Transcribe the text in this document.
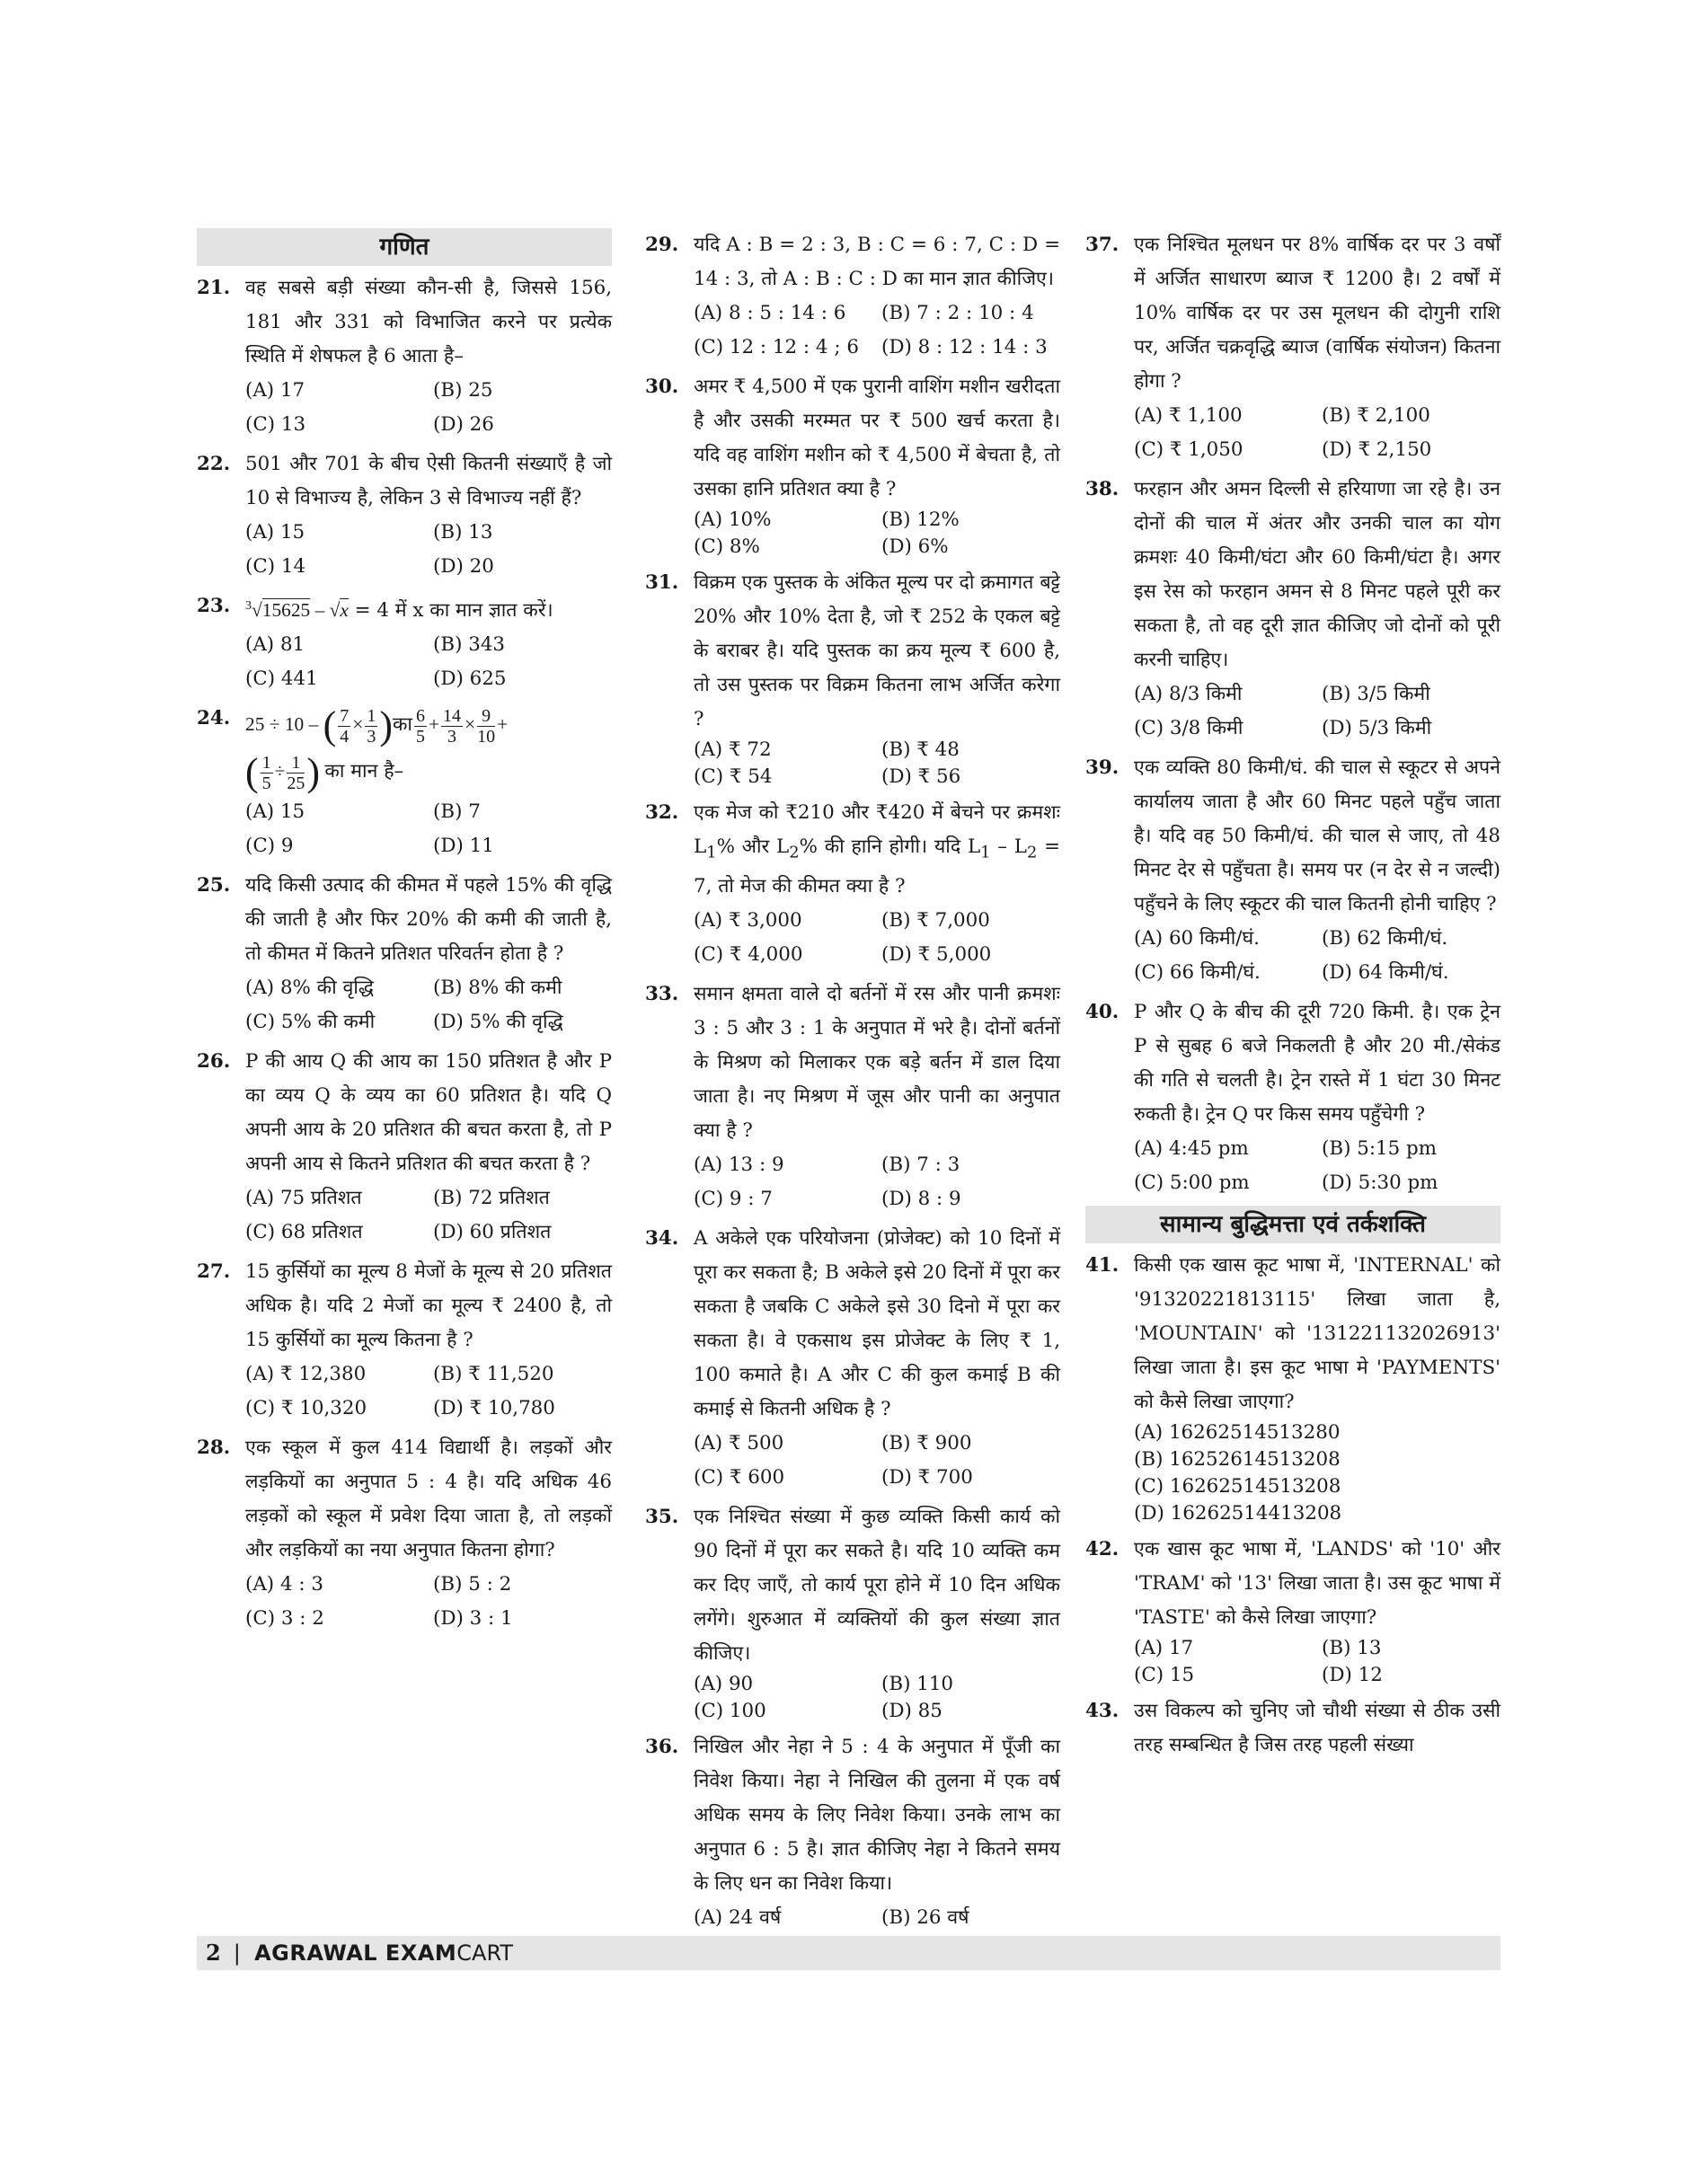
गणित
21. वह सबसे बड़ी संख्या कौन-सी है, जिससे 156, 181 और 331 को विभाजित करने पर प्रत्येक स्थिति में शेषफल है 6 आता है–
(A) 17	(B) 25
(C) 13	(D) 26
22. 501 और 701 के बीच ऐसी कितनी संख्याएँ है जो 10 से विभाज्य है, लेकिन 3 से विभाज्य नहीं हैं?
(A) 15	(B) 13
(C) 14	(D) 20
23. $^3$√15625 – √x = 4 में x का मान ज्ञात करें।
(A) 81	(B) 343
(C) 441	(D) 625
24. 25 ÷ 10 – ( $\frac{7}{4} \times \frac{1}{3}$ )का $\frac{6}{5} + \frac{14}{3} \times \frac{9}{10}$ +
( $\frac{1}{5} \div \frac{1}{25}$ ) का मान है–
(A) 15	(B) 7
(C) 9	(D) 11
25. यदि किसी उत्पाद की कीमत में पहले 15% की वृद्धि की जाती है और फिर 20% की कमी की जाती है, तो कीमत में कितने प्रतिशत परिवर्तन होता है ?
(A) 8% की वृद्धि	(B) 8% की कमी
(C) 5% की कमी	(D) 5% की वृद्धि
26. P की आय Q की आय का 150 प्रतिशत है और P का व्यय Q के व्यय का 60 प्रतिशत है। यदि Q अपनी आय के 20 प्रतिशत की बचत करता है, तो P अपनी आय से कितने प्रतिशत की बचत करता है ?
(A) 75 प्रतिशत	(B) 72 प्रतिशत
(C) 68 प्रतिशत	(D) 60 प्रतिशत
27. 15 कुर्सियों का मूल्य 8 मेजों के मूल्य से 20 प्रतिशत अधिक है। यदि 2 मेजों का मूल्य ₹ 2400 है, तो 15 कुर्सियों का मूल्य कितना है ?
(A) ₹ 12,380	(B) ₹ 11,520
(C) ₹ 10,320	(D) ₹ 10,780
28. एक स्कूल में कुल 414 विद्यार्थी है। लड़कों और लड़कियों का अनुपात 5 : 4 है। यदि अधिक 46 लड़कों को स्कूल में प्रवेश दिया जाता है, तो लड़कों और लड़कियों का नया अनुपात कितना होगा?
(A) 4 : 3	(B) 5 : 2
(C) 3 : 2	(D) 3 : 1
29. यदि A : B = 2 : 3, B : C = 6 : 7, C : D = 14 : 3, तो A : B : C : D का मान ज्ञात कीजिए।
(A) 8 : 5 : 14 : 6	(B) 7 : 2 : 10 : 4
(C) 12 : 12 : 4 ; 6	(D) 8 : 12 : 14 : 3
30. अमर ₹ 4,500 में एक पुरानी वाशिंग मशीन खरीदता है और उसकी मरम्मत पर ₹ 500 खर्च करता है। यदि वह वाशिंग मशीन को ₹ 4,500 में बेचता है, तो उसका हानि प्रतिशत क्या है ?
(A) 10%	(B) 12%
(C) 8%	(D) 6%
31. विक्रम एक पुस्तक के अंकित मूल्य पर दो क्रमागत बट्टे 20% और 10% देता है, जो ₹ 252 के एकल बट्टे के बराबर है। यदि पुस्तक का क्रय मूल्य ₹ 600 है, तो उस पुस्तक पर विक्रम कितना लाभ अर्जित करेगा ?
(A) ₹ 72	(B) ₹ 48
(C) ₹ 54	(D) ₹ 56
32. एक मेज को ₹210 और ₹420 में बेचने पर क्रमशः $L_1\%$ और $L_2\%$ की हानि होगी। यदि $L_1 - L_2 = 7$, तो मेज की कीमत क्या है ?
(A) ₹ 3,000	(B) ₹ 7,000
(C) ₹ 4,000	(D) ₹ 5,000
33. समान क्षमता वाले दो बर्तनों में रस और पानी क्रमशः 3 : 5 और 3 : 1 के अनुपात में भरे है। दोनों बर्तनों के मिश्रण को मिलाकर एक बड़े बर्तन में डाल दिया जाता है। नए मिश्रण में जूस और पानी का अनुपात क्या है ?
(A) 13 : 9	(B) 7 : 3
(C) 9 : 7	(D) 8 : 9
34. A अकेले एक परियोजना (प्रोजेक्ट) को 10 दिनों में पूरा कर सकता है; B अकेले इसे 20 दिनों में पूरा कर सकता है जबकि C अकेले इसे 30 दिनो में पूरा कर सकता है। वे एकसाथ इस प्रोजेक्ट के लिए ₹ 1, 100 कमाते है। A और C की कुल कमाई B की कमाई से कितनी अधिक है ?
(A) ₹ 500	(B) ₹ 900
(C) ₹ 600	(D) ₹ 700
35. एक निश्चित संख्या में कुछ व्यक्ति किसी कार्य को 90 दिनों में पूरा कर सकते है। यदि 10 व्यक्ति कम कर दिए जाएँ, तो कार्य पूरा होने में 10 दिन अधिक लगेंगे। शुरुआत में व्यक्तियों की कुल संख्या ज्ञात कीजिए।
(A) 90	(B) 110
(C) 100	(D) 85
36. निखिल और नेहा ने 5 : 4 के अनुपात में पूँजी का निवेश किया। नेहा ने निखिल की तुलना में एक वर्ष अधिक समय के लिए निवेश किया। उनके लाभ का अनुपात 6 : 5 है। ज्ञात कीजिए नेहा ने कितने समय के लिए धन का निवेश किया।
(A) 24 वर्ष	(B) 26 वर्ष
37. एक निश्चित मूलधन पर 8% वार्षिक दर पर 3 वर्षों में अर्जित साधारण ब्याज ₹ 1200 है। 2 वर्षों में 10% वार्षिक दर पर उस मूलधन की दोगुनी राशि पर, अर्जित चक्रवृद्धि ब्याज (वार्षिक संयोजन) कितना होगा ?
(A) ₹ 1,100	(B) ₹ 2,100
(C) ₹ 1,050	(D) ₹ 2,150
38. फरहान और अमन दिल्ली से हरियाणा जा रहे है। उन दोनों की चाल में अंतर और उनकी चाल का योग क्रमशः 40 किमी/घंटा और 60 किमी/घंटा है। अगर इस रेस को फरहान अमन से 8 मिनट पहले पूरी कर सकता है, तो वह दूरी ज्ञात कीजिए जो दोनों को पूरी करनी चाहिए।
(A) 8/3 किमी	(B) 3/5 किमी
(C) 3/8 किमी	(D) 5/3 किमी
39. एक व्यक्ति 80 किमी/घं. की चाल से स्कूटर से अपने कार्यालय जाता है और 60 मिनट पहले पहुँच जाता है। यदि वह 50 किमी/घं. की चाल से जाए, तो 48 मिनट देर से पहुँचता है। समय पर (न देर से न जल्दी) पहुँचने के लिए स्कूटर की चाल कितनी होनी चाहिए ?
(A) 60 किमी/घं.	(B) 62 किमी/घं.
(C) 66 किमी/घं.	(D) 64 किमी/घं.
40. P और Q के बीच की दूरी 720 किमी. है। एक ट्रेन P से सुबह 6 बजे निकलती है और 20 मी./सेकंड की गति से चलती है। ट्रेन रास्ते में 1 घंटा 30 मिनट रुकती है। ट्रेन Q पर किस समय पहुँचेगी ?
(A) 4:45 pm	(B) 5:15 pm
(C) 5:00 pm	(D) 5:30 pm
सामान्य बुद्धिमत्ता एवं तर्कशक्ति
41. किसी एक खास कूट भाषा में, 'INTERNAL' को '91320221813115' लिखा जाता है, 'MOUNTAIN' को '131221132026913' लिखा जाता है। इस कूट भाषा मे 'PAYMENTS' को कैसे लिखा जाएगा?
(A) 16262514513280
(B) 16252614513208
(C) 16262514513208
(D) 16262514413208
42. एक खास कूट भाषा में, 'LANDS' को '10' और 'TRAM' को '13' लिखा जाता है। उस कूट भाषा में 'TASTE' को कैसे लिखा जाएगा?
(A) 17	(B) 13
(C) 15	(D) 12
43. उस विकल्प को चुनिए जो चौथी संख्या से ठीक उसी तरह सम्बन्धित है जिस तरह पहली संख्या
2 | AGRAWAL EXAMCART
